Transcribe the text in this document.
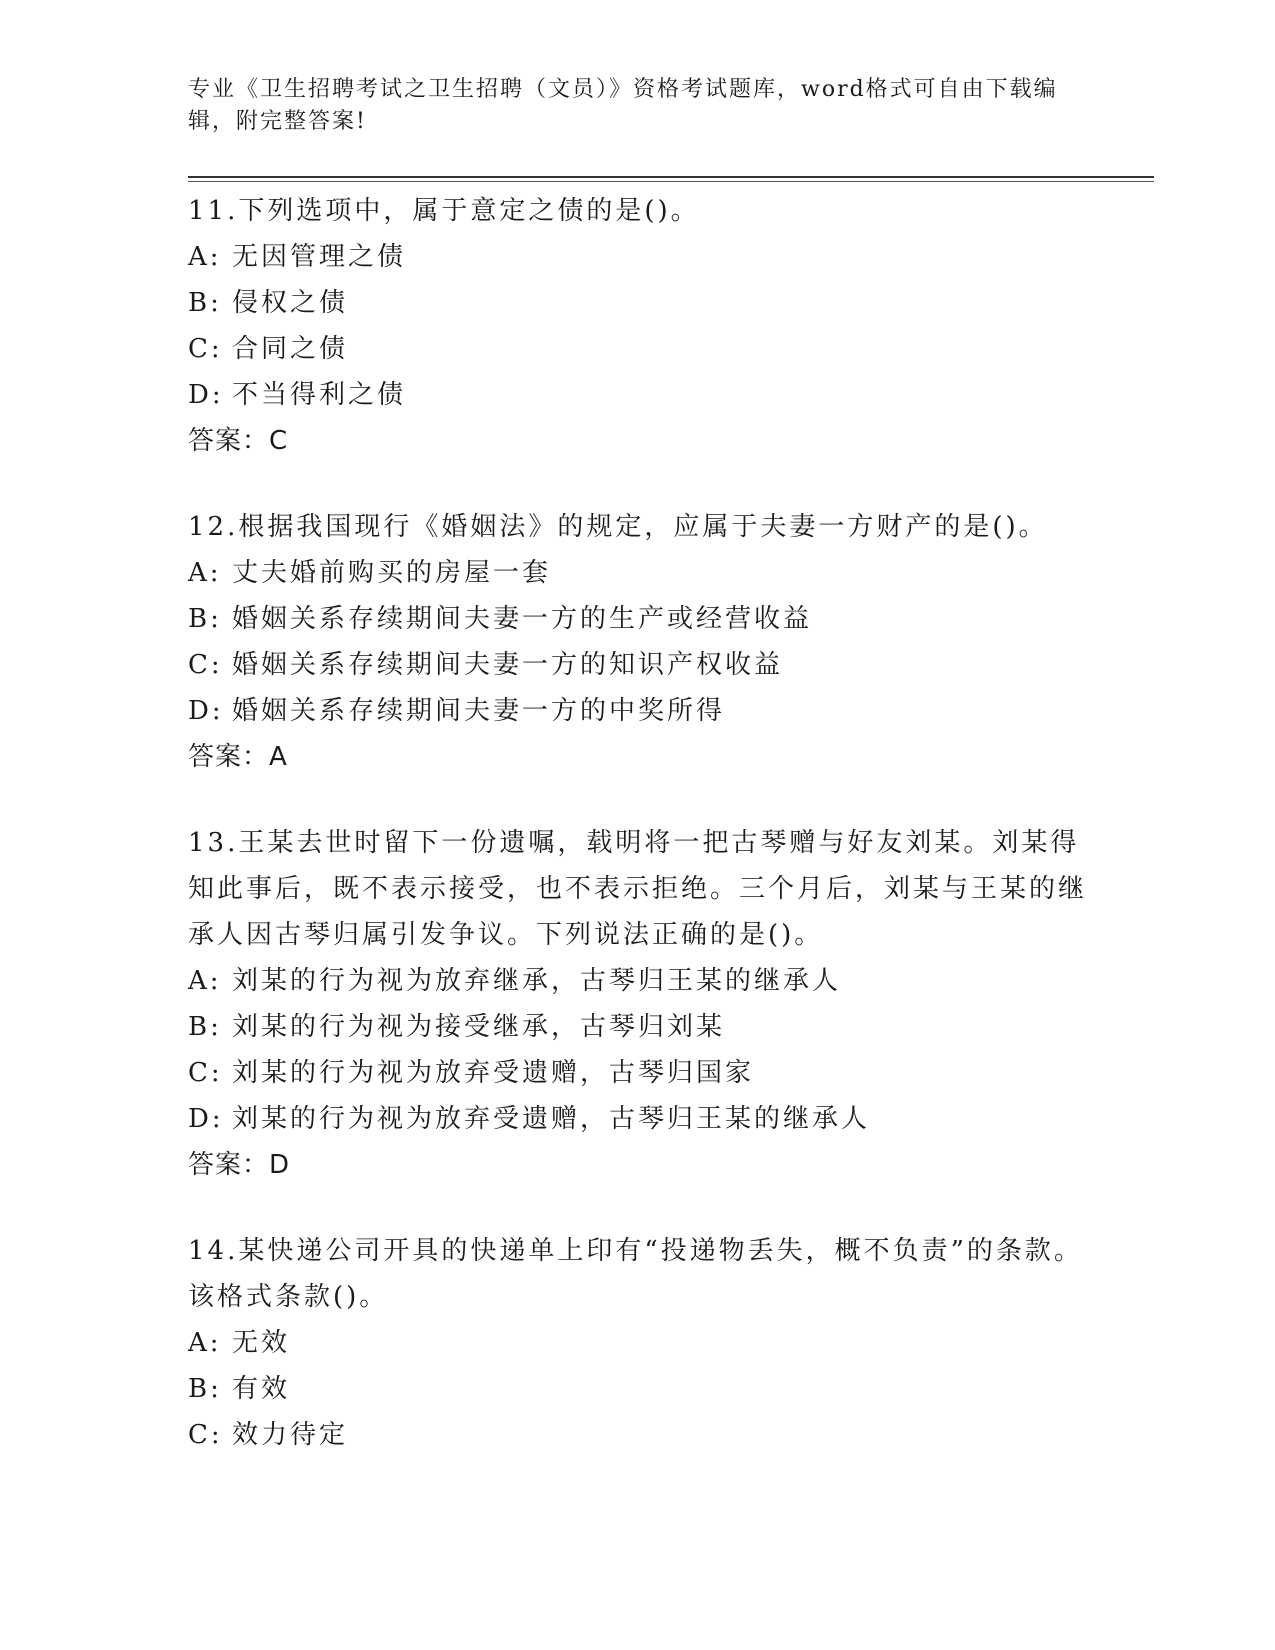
专业《卫生招聘考试之卫生招聘（文员）》资格考试题库，word格式可自由下载编辑，附完整答案!
11.下列选项中，属于意定之债的是()。
A: 无因管理之债
B: 侵权之债
C: 合同之债
D: 不当得利之债
答案：C
12.根据我国现行《婚姻法》的规定，应属于夫妻一方财产的是()。
A: 丈夫婚前购买的房屋一套
B: 婚姻关系存续期间夫妻一方的生产或经营收益
C: 婚姻关系存续期间夫妻一方的知识产权收益
D: 婚姻关系存续期间夫妻一方的中奖所得
答案：A
13.王某去世时留下一份遗嘱，载明将一把古琴赠与好友刘某。刘某得知此事后，既不表示接受，也不表示拒绝。三个月后，刘某与王某的继承人因古琴归属引发争议。下列说法正确的是()。
A: 刘某的行为视为放弃继承，古琴归王某的继承人
B: 刘某的行为视为接受继承，古琴归刘某
C: 刘某的行为视为放弃受遗赠，古琴归国家
D: 刘某的行为视为放弃受遗赠，古琴归王某的继承人
答案：D
14.某快递公司开具的快递单上印有“投递物丢失，概不负责”的条款。该格式条款()。
A: 无效
B: 有效
C: 效力待定
